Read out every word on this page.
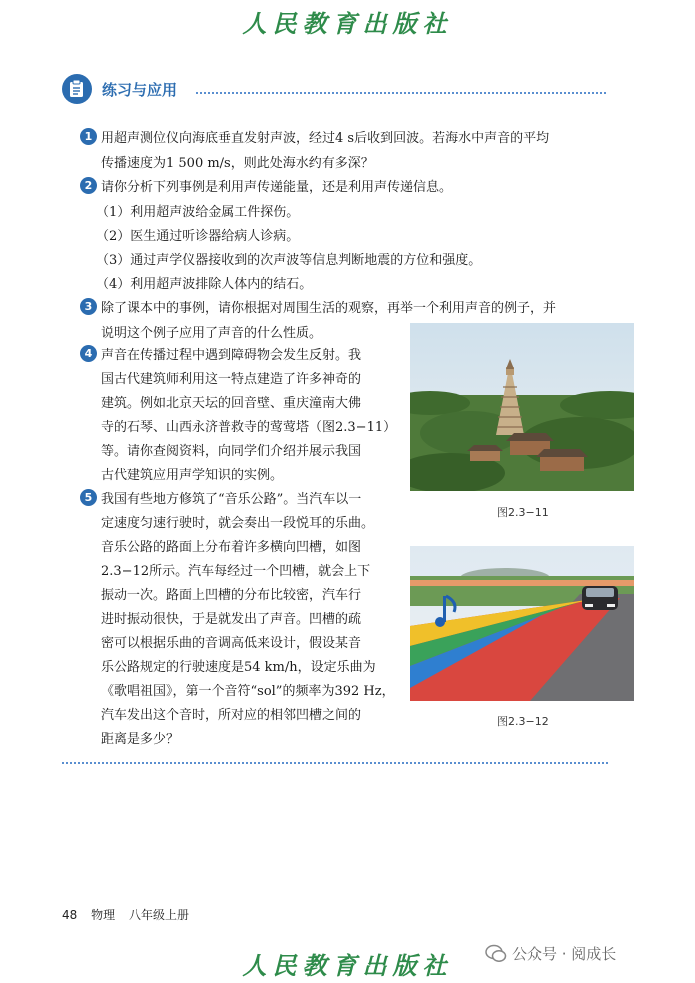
人民教育出版社
练习与应用
1 用超声测位仪向海底垂直发射声波，经过4 s后收到回波。若海水中声音的平均
传播速度为1 500 m/s，则此处海水约有多深？
2 请你分析下列事例是利用声传递能量，还是利用声传递信息。
（1）利用超声波给金属工件探伤。
（2）医生通过听诊器给病人诊病。
（3）通过声学仪器接收到的次声波等信息判断地震的方位和强度。
（4）利用超声波排除人体内的结石。
3 除了课本中的事例，请你根据对周围生活的观察，再举一个利用声音的例子，并
说明这个例子应用了声音的什么性质。
4 声音在传播过程中遇到障碍物会发生反射。我
国古代建筑师利用这一特点建造了许多神奇的
建筑。例如北京天坛的回音壁、重庆潼南大佛
寺的石琴、山西永济普救寺的莺莺塔（图2.3−11）
等。请你查阅资料，向同学们介绍并展示我国
古代建筑应用声学知识的实例。
5 我国有些地方修筑了“音乐公路”。当汽车以一
定速度匀速行驶时，就会奏出一段悦耳的乐曲。
音乐公路的路面上分布着许多横向凹槽，如图
2.3−12所示。汽车每经过一个凹槽，就会上下
振动一次。路面上凹槽的分布比较密，汽车行
进时振动很快，于是就发出了声音。凹槽的疏
密可以根据乐曲的音调高低来设计，假设某音
乐公路规定的行驶速度是54 km/h，设定乐曲为
《歌唱祖国》，第一个音符“sol”的频率为392 Hz，
汽车发出这个音时，所对应的相邻凹槽之间的
距离是多少？
图2.3−11
图2.3−12
48 物理 八年级上册
人民教育出版社	公众号 · 阅成长
